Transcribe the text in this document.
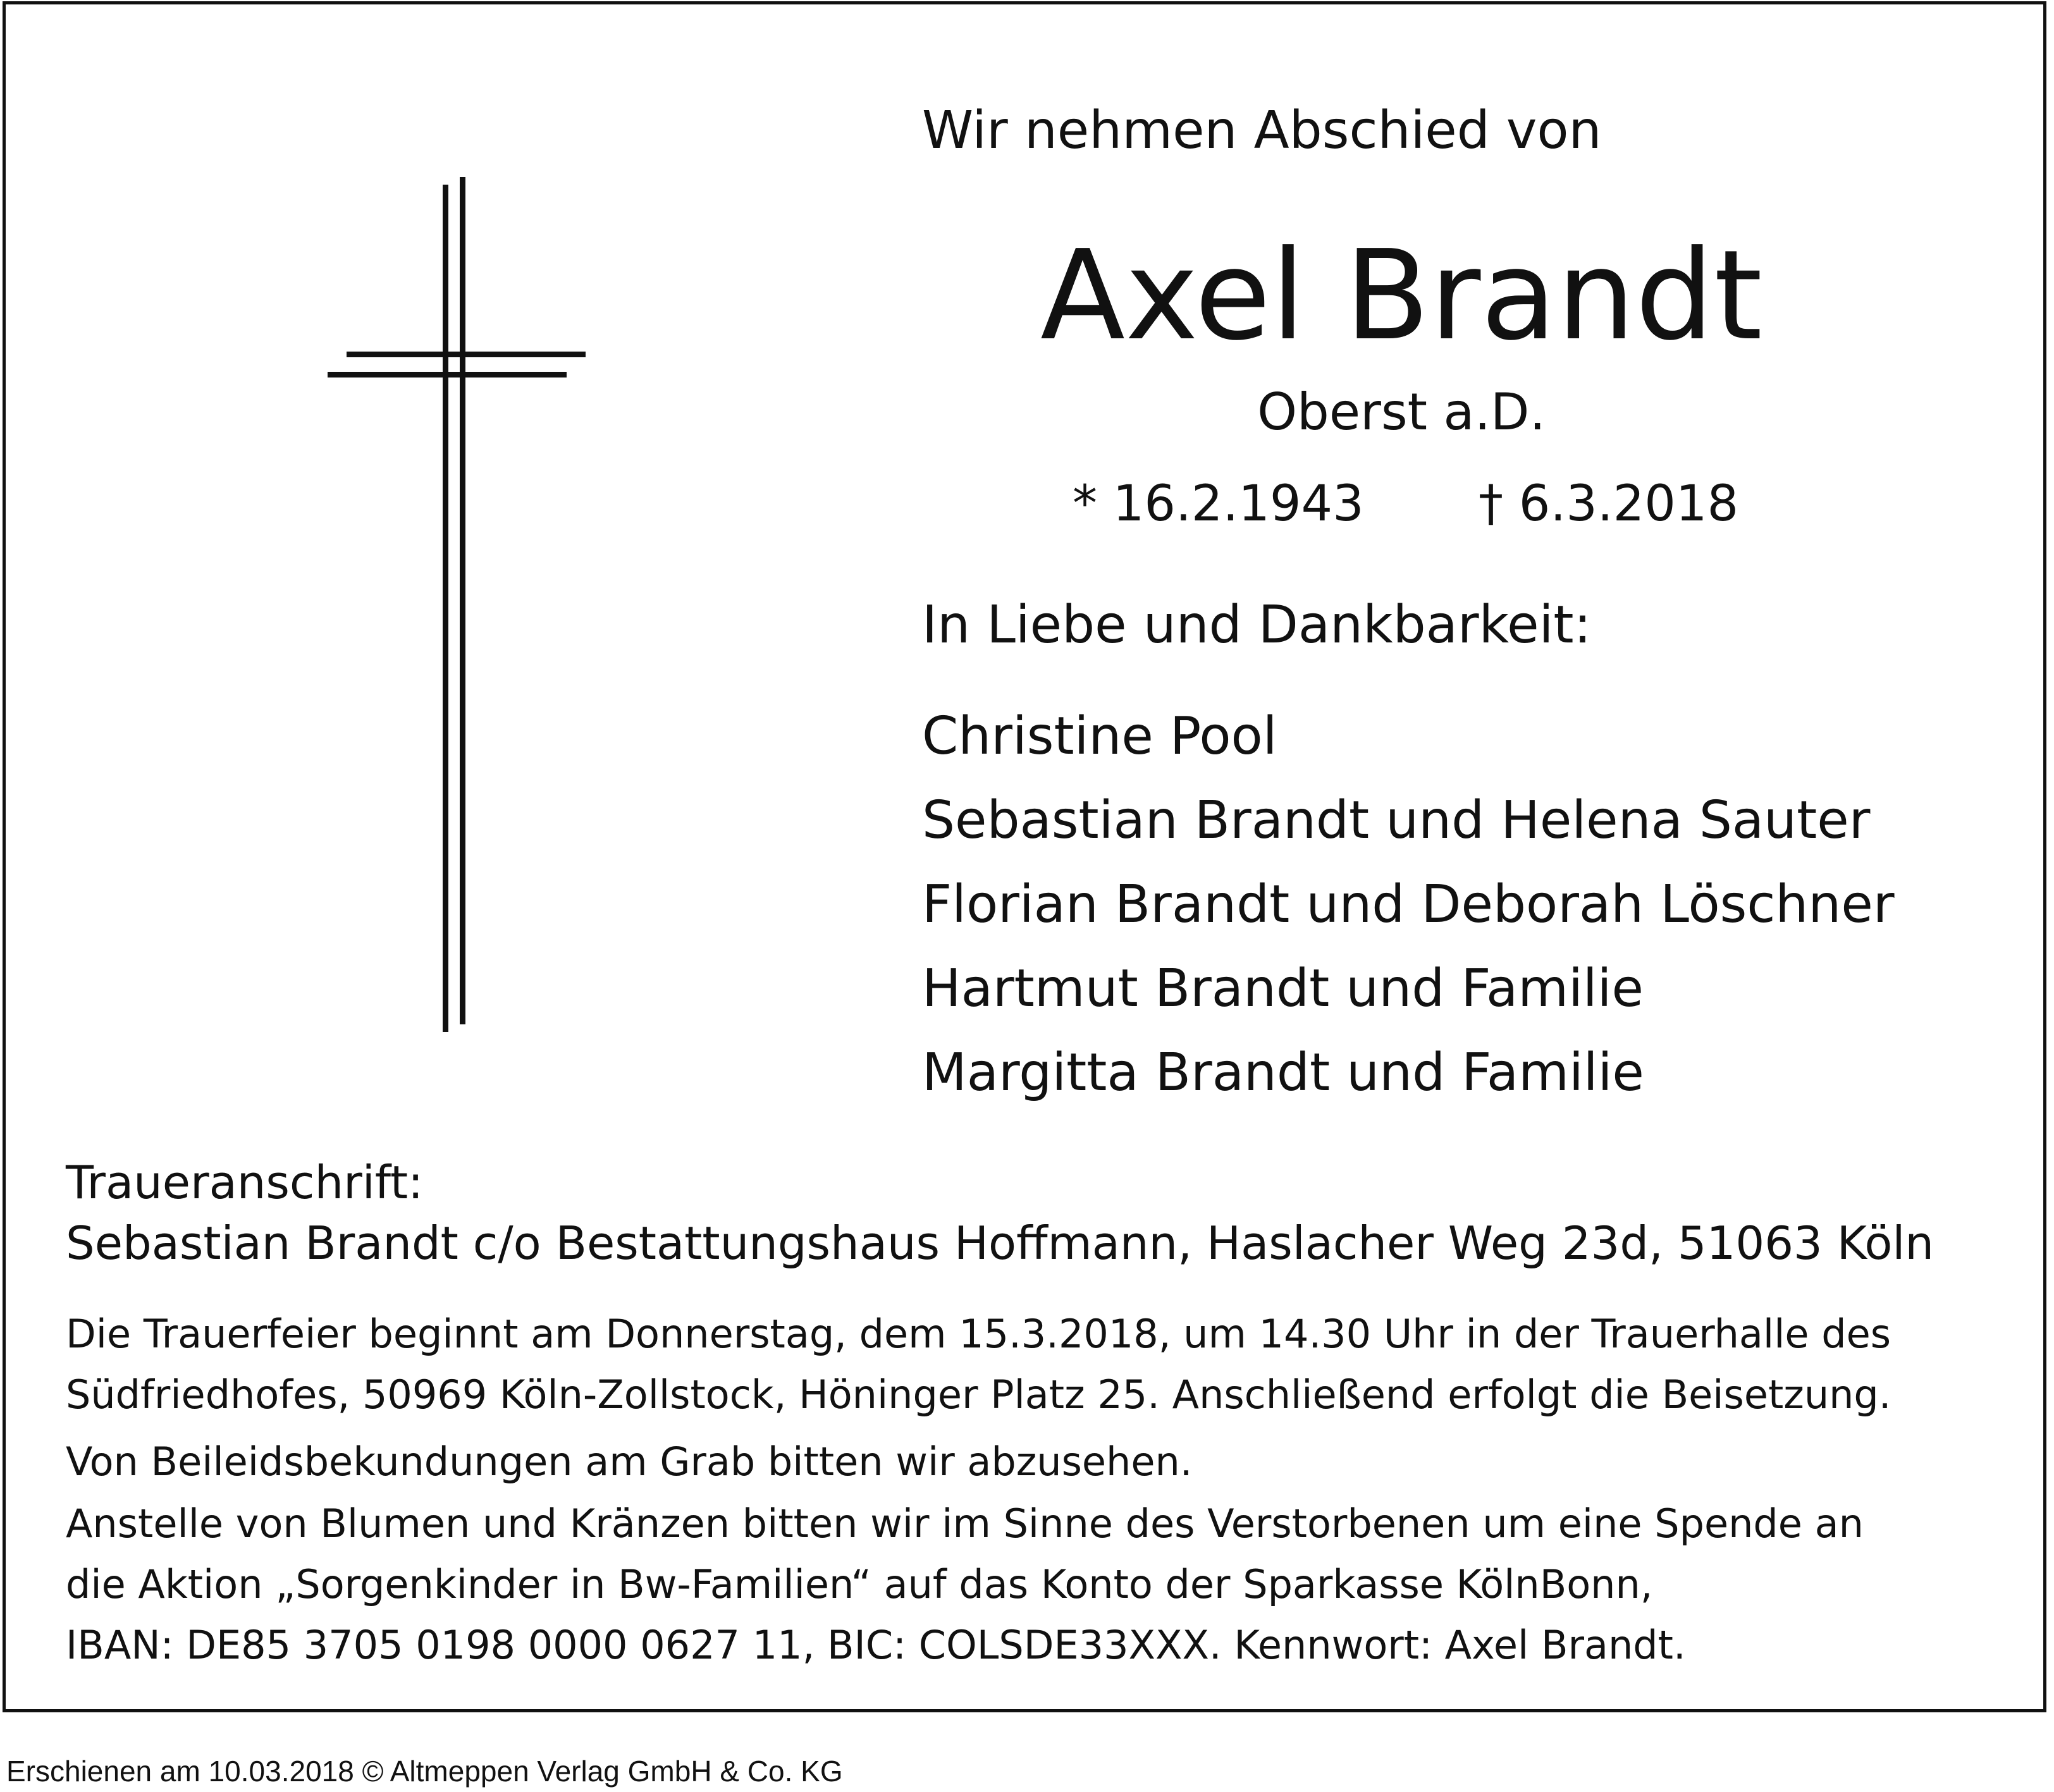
Wir nehmen Abschied von

Axel Brandt

Oberst a.D.

* 16.2.1943 † 6.3.2018

In Liebe und Dankbarkeit:

Christine Pool
Sebastian Brandt und Helena Sauter
Florian Brandt und Deborah Löschner
Hartmut Brandt und Familie
Margitta Brandt und Familie

Traueranschrift:

Sebastian Brandt c/o Bestattungshaus Hoffmann, Haslacher Weg 23d, 51063 Köln

Die Trauerfeier beginnt am Donnerstag, dem 15.3.2018, um 14.30 Uhr in der Trauerhalle des
Südfriedhofes, 50969 Köln-Zollstock, Höninger Platz 25. Anschließend erfolgt die Beisetzung.
Von Beileidsbekundungen am Grab bitten wir abzusehen.
Anstelle von Blumen und Kränzen bitten wir im Sinne des Verstorbenen um eine Spende an
die Aktion „Sorgenkinder in Bw-Familien“ auf das Konto der Sparkasse KölnBonn,
IBAN: DE85 3705 0198 0000 0627 11, BIC: COLSDE33XXX. Kennwort: Axel Brandt.

Erschienen am 10.03.2018 © Altmeppen Verlag GmbH & Co. KG
